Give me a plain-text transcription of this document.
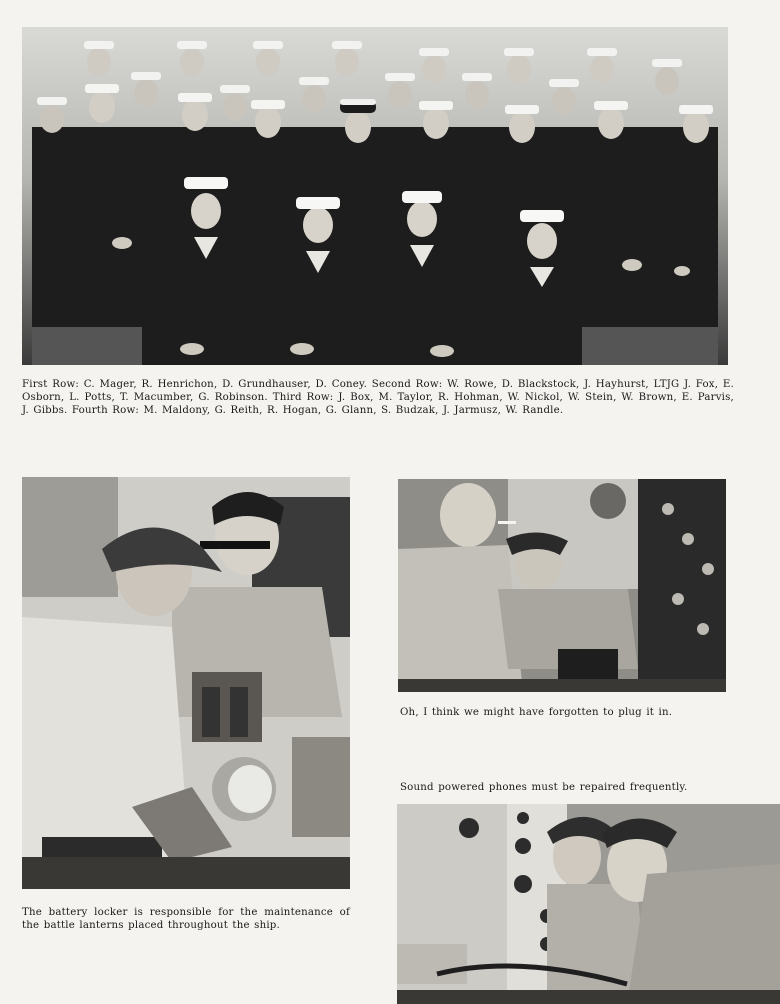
First Row: C. Mager, R. Henrichon, D. Grundhauser, D. Coney. Second Row: W. Rowe, D. Blackstock, J. Hayhurst, LTJG J. Fox, E. Osborn, L. Potts, T. Macumber, G. Robinson. Third Row: J. Box, M. Taylor, R. Hohman, W. Nickol, W. Stein, W. Brown, E. Parvis, J. Gibbs. Fourth Row: M. Maldony, G. Reith, R. Hogan, G. Glann, S. Budzak, J. Jarmusz, W. Randle.
The battery locker is responsible for the maintenance of the battle lanterns placed throughout the ship.
Oh, I think we might have forgotten to plug it in.
Sound powered phones must be repaired frequently.
